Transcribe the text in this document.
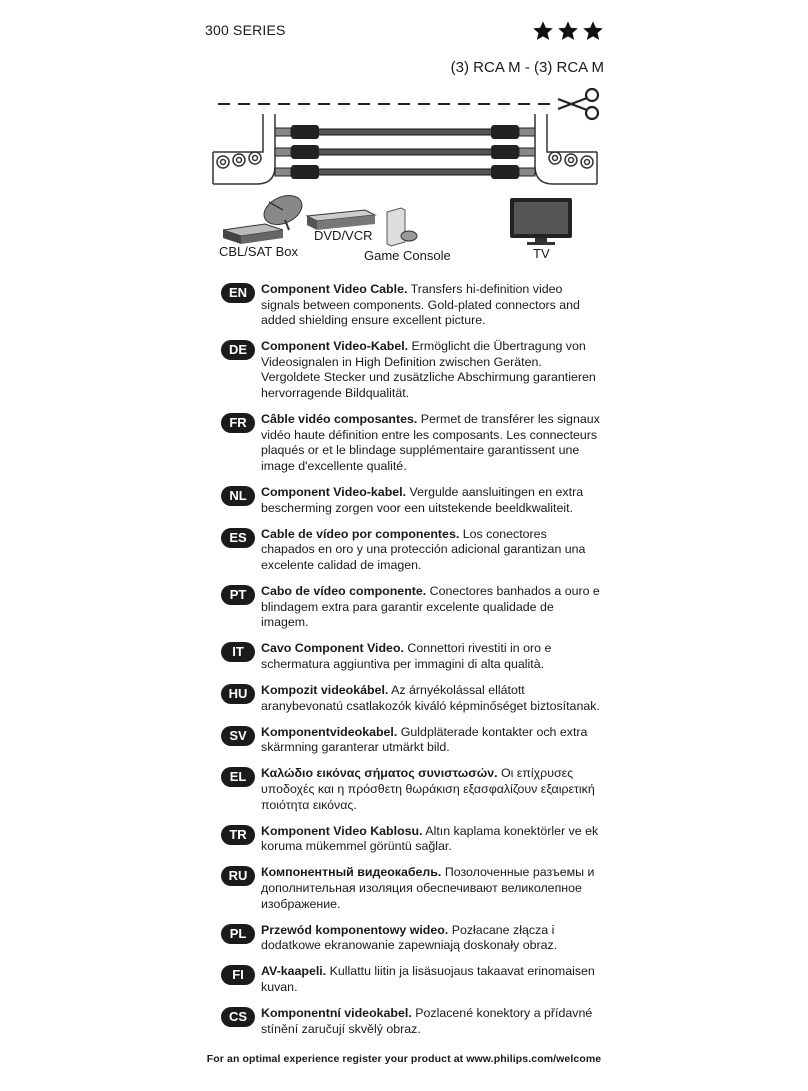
300 SERIES
(3) RCA M - (3) RCA M
CBL/SAT Box
DVD/VCR
Game Console	TV
EN	Component Video Cable. Transfers hi-definition video signals between components. Gold-plated connectors and added shielding ensure excellent picture.
DE	Component Video-Kabel. Ermöglicht die Übertragung von Videosignalen in High Definition zwischen Geräten. Vergoldete Stecker und zusätzliche Abschirmung garantieren hervorragende Bildqualität.
FR	Câble vidéo composantes. Permet de transférer les signaux vidéo haute définition entre les composants. Les connecteurs plaqués or et le blindage supplémentaire garantissent une image d'excellente qualité.
NL	Component Video-kabel. Vergulde aansluitingen en extra bescherming zorgen voor een uitstekende beeldkwaliteit.
ES	Cable de vídeo por componentes. Los conectores chapados en oro y una protección adicional garantizan una excelente calidad de imagen.
PT	Cabo de vídeo componente. Conectores banhados a ouro e blindagem extra para garantir excelente qualidade de imagem.
IT	Cavo Component Video. Connettori rivestiti in oro e schermatura aggiuntiva per immagini di alta qualità.
HU	Kompozit videokábel. Az árnyékolással ellátott aranybevonatú csatlakozók kiváló képminőséget biztosítanak.
SV	Komponentvideokabel. Guldpläterade kontakter och extra skärmning garanterar utmärkt bild.
EL	Καλώδιο εικόνας σήματος συνιστωσών. Οι επίχρυσες υποδοχές και η πρόσθετη θωράκιση εξασφαλίζουν εξαιρετική ποιότητα εικόνας.
TR	Komponent Video Kablosu. Altın kaplama konektörler ve ek koruma mükemmel görüntü sağlar.
RU	Компонентный видеокабель. Позолоченные разъемы и дополнительная изоляция обеспечивают великолепное изображение.
PL	Przewód komponentowy wideo. Pozłacane złącza i dodatkowe ekranowanie zapewniają doskonały obraz.
FI	AV-kaapeli. Kullattu liitin ja lisäsuojaus takaavat erinomaisen kuvan.
CS	Komponentní videokabel. Pozlacené konektory a přídavné stínění zaručují skvělý obraz.
For an optimal experience register your product at www.philips.com/welcome
